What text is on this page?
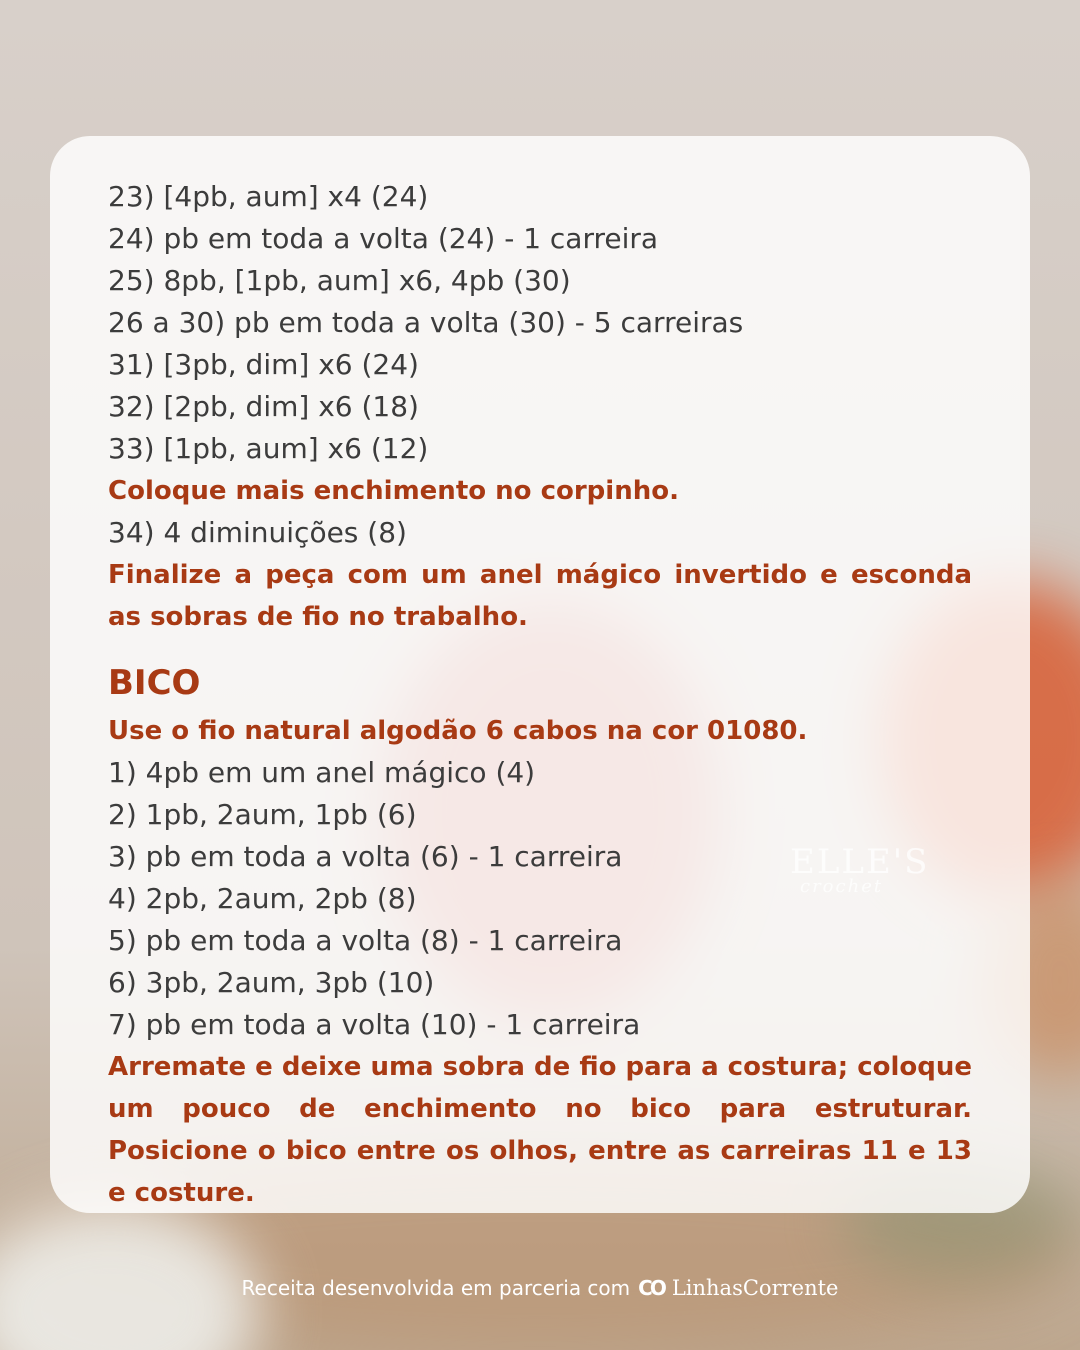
23) [4pb, aum] x4 (24)
24) pb em toda a volta (24) - 1 carreira
25) 8pb, [1pb, aum] x6, 4pb (30)
26 a 30) pb em toda a volta (30) - 5 carreiras
31) [3pb, dim] x6 (24)
32) [2pb, dim] x6 (18)
33) [1pb, aum] x6 (12)
Coloque mais enchimento no corpinho.
34) 4 diminuições (8)
Finalize a peça com um anel mágico invertido e esconda as sobras de fio no trabalho.
BICO
Use o fio natural algodão 6 cabos na cor 01080.
1) 4pb em um anel mágico (4)
2) 1pb, 2aum, 1pb (6)
3) pb em toda a volta (6) - 1 carreira
4) 2pb, 2aum, 2pb (8)
5) pb em toda a volta (8) - 1 carreira
6) 3pb, 2aum, 3pb (10)
7) pb em toda a volta (10) - 1 carreira
Arremate e deixe uma sobra de fio para a costura; coloque um pouco de enchimento no bico para estruturar. Posicione o bico entre os olhos, entre as carreiras 11 e 13 e costure.
Receita desenvolvida em parceria com CO LinhasCorrente
